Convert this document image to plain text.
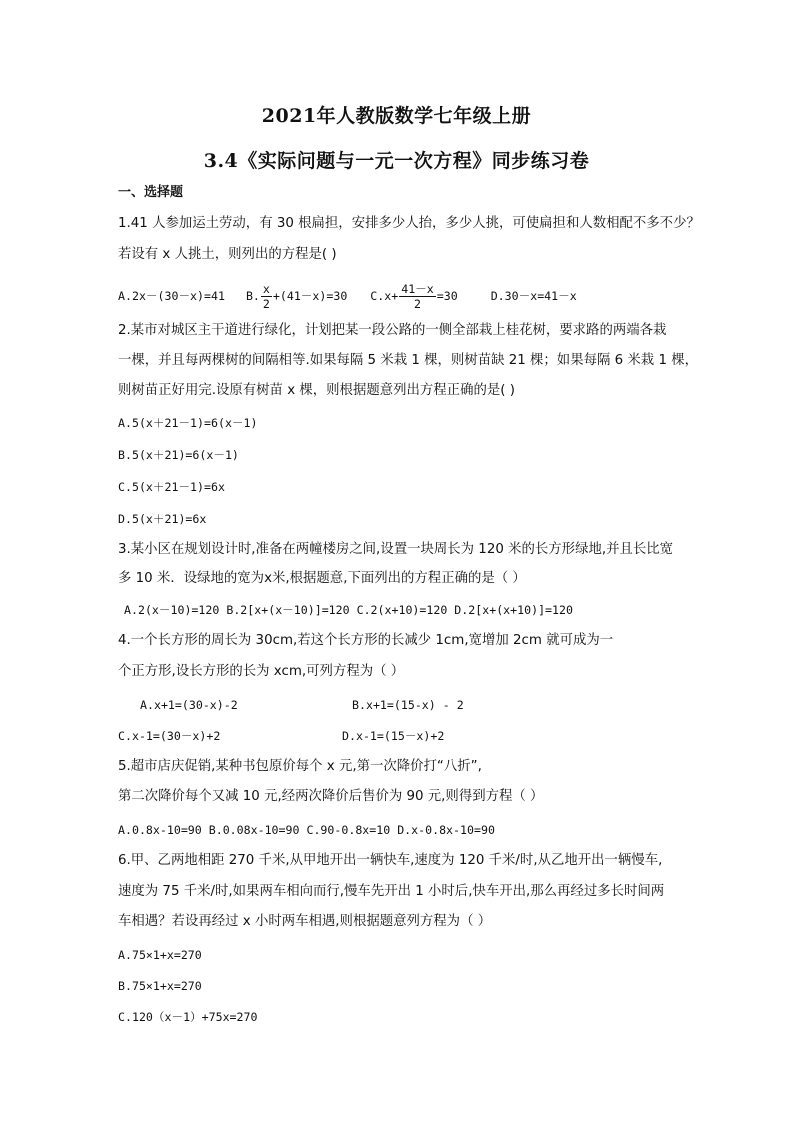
2021年人教版数学七年级上册
3.4《实际问题与一元一次方程》同步练习卷
一、选择题
1.41 人参加运土劳动，有 30 根扁担，安排多少人抬，多少人挑，可使扁担和人数相配不多不少？
若设有 x 人挑土，则列出的方程是( )
A.2x－(30－x)=41 B. $\frac{x}{2} +(41-x)=30$ $C.x+ \frac{41-x}{2} =30$	D.30－x=41－x
2.某市对城区主干道进行绿化，计划把某一段公路的一侧全部栽上桂花树，要求路的两端各栽
一棵，并且每两棵树的间隔相等.如果每隔 5 米栽 1 棵，则树苗缺 21 棵；如果每隔 6 米栽 1 棵，
则树苗正好用完.设原有树苗 x 棵，则根据题意列出方程正确的是( )
A.5(x＋21－1)=6(x－1)
B.5(x＋21)=6(x－1)
C.5(x＋21－1)=6x
D.5(x＋21)=6x
3.某小区在规划设计时,准备在两幢楼房之间,设置一块周长为 120 米的长方形绿地,并且长比宽
多 10 米．设绿地的宽为x米,根据题意,下面列出的方程正确的是（ ）
A.2(x－10)=120 B.2[x+(x－10)]=120 C.2(x+10)=120 D.2[x+(x+10)]=120
4.一个长方形的周长为 30cm,若这个长方形的长减少 1cm,宽增加 2cm 就可成为一
个正方形,设长方形的长为 xcm,可列方程为（ ）
A.x+1=(30-x)-2	B.x+1=(15-x) - 2
C.x-1=(30－x)+2	D.x-1=(15－x)+2
5.超市店庆促销,某种书包原价每个 x 元,第一次降价打“八折”,
第二次降价每个又减 10 元,经两次降价后售价为 90 元,则得到方程（ ）
A.0.8x-10=90 B.0.08x-10=90 C.90-0.8x=10 D.x-0.8x-10=90
6.甲、乙两地相距 270 千米,从甲地开出一辆快车,速度为 120 千米/时,从乙地开出一辆慢车,
速度为 75 千米/时,如果两车相向而行,慢车先开出 1 小时后,快车开出,那么再经过多长时间两
车相遇？若设再经过 x 小时两车相遇,则根据题意列方程为（ ）
A.75×1+x=270
B.75×1+x=270
C.120（x－1）+75x=270
